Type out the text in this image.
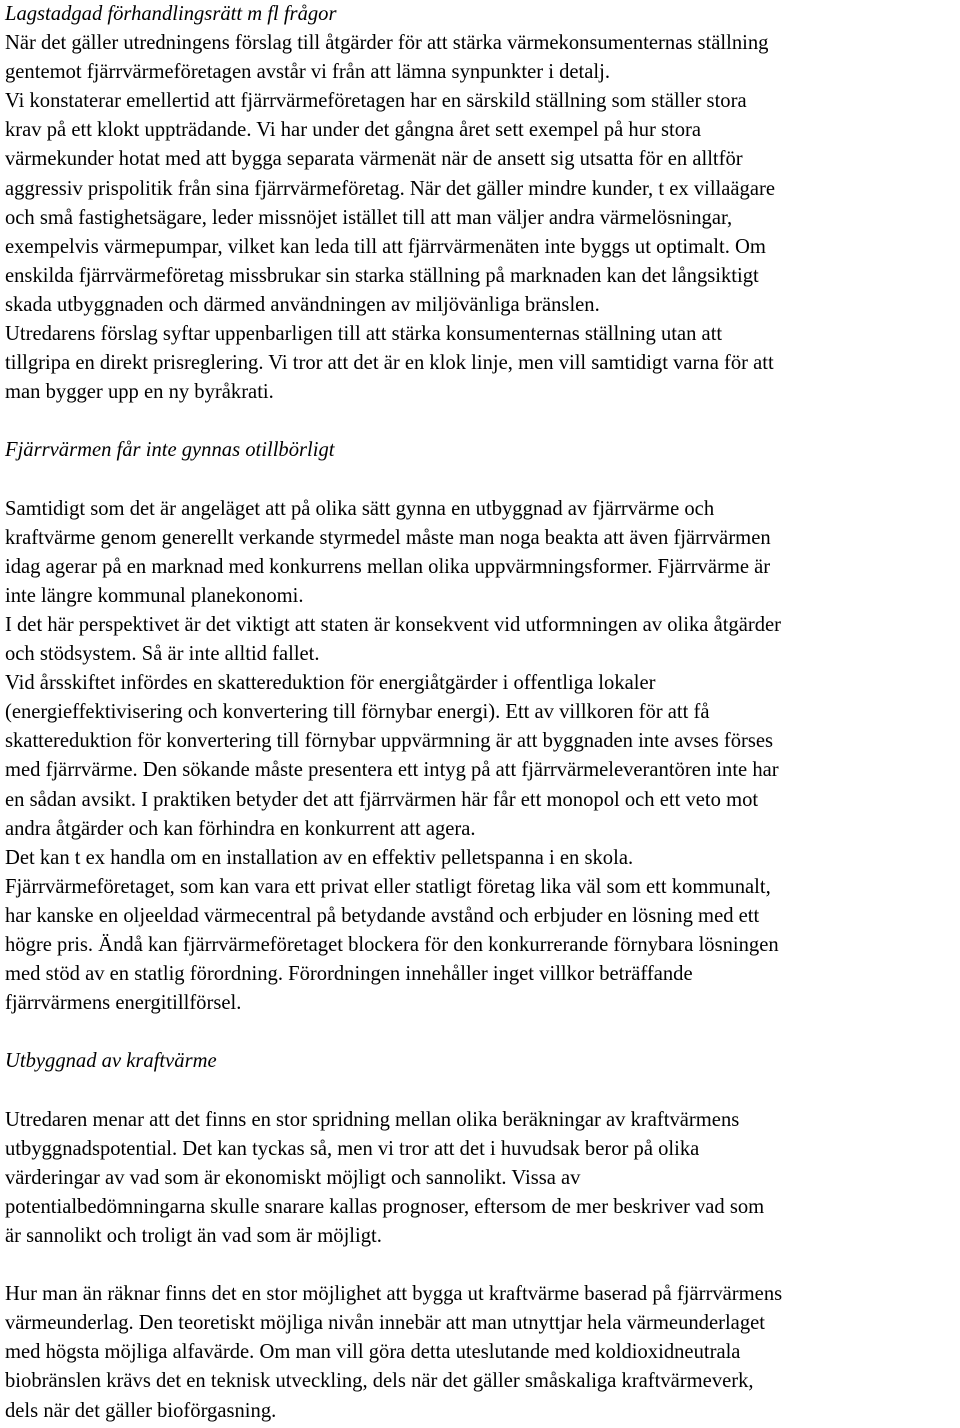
Lagstadgad förhandlingsrätt m fl frågor
När det gäller utredningens förslag till åtgärder för att stärka värmekonsumenternas ställning
gentemot fjärrvärmeföretagen avstår vi från att lämna synpunkter i detalj.
Vi konstaterar emellertid att fjärrvärmeföretagen har en särskild ställning som ställer stora
krav på ett klokt uppträdande. Vi har under det gångna året sett exempel på hur stora
värmekunder hotat med att bygga separata värmenät när de ansett sig utsatta för en alltför
aggressiv prispolitik från sina fjärrvärmeföretag. När det gäller mindre kunder, t ex villaägare
och små fastighetsägare, leder missnöjet istället till att man väljer andra värmelösningar,
exempelvis värmepumpar, vilket kan leda till att fjärrvärmenäten inte byggs ut optimalt. Om
enskilda fjärrvärmeföretag missbrukar sin starka ställning på marknaden kan det långsiktigt
skada utbyggnaden och därmed användningen av miljövänliga bränslen.
Utredarens förslag syftar uppenbarligen till att stärka konsumenternas ställning utan att
tillgripa en direkt prisreglering. Vi tror att det är en klok linje, men vill samtidigt varna för att
man bygger upp en ny byråkrati.
Fjärrvärmen får inte gynnas otillbörligt
Samtidigt som det är angeläget att på olika sätt gynna en utbyggnad av fjärrvärme och
kraftvärme genom generellt verkande styrmedel måste man noga beakta att även fjärrvärmen
idag agerar på en marknad med konkurrens mellan olika uppvärmningsformer. Fjärrvärme är
inte längre kommunal planekonomi.
I det här perspektivet är det viktigt att staten är konsekvent vid utformningen av olika åtgärder
och stödsystem. Så är inte alltid fallet.
Vid årsskiftet infördes en skattereduktion för energiåtgärder i offentliga lokaler
(energieffektivisering och konvertering till förnybar energi). Ett av villkoren för att få
skattereduktion för konvertering till förnybar uppvärmning är att byggnaden inte avses förses
med fjärrvärme. Den sökande måste presentera ett intyg på att fjärrvärmeleverantören inte har
en sådan avsikt. I praktiken betyder det att fjärrvärmen här får ett monopol och ett veto mot
andra åtgärder och kan förhindra en konkurrent att agera.
Det kan t ex handla om en installation av en effektiv pelletspanna i en skola.
Fjärrvärmeföretaget, som kan vara ett privat eller statligt företag lika väl som ett kommunalt,
har kanske en oljeeldad värmecentral på betydande avstånd och erbjuder en lösning med ett
högre pris. Ändå kan fjärrvärmeföretaget blockera för den konkurrerande förnybara lösningen
med stöd av en statlig förordning. Förordningen innehåller inget villkor beträffande
fjärrvärmens energitillförsel.
Utbyggnad av kraftvärme
Utredaren menar att det finns en stor spridning mellan olika beräkningar av kraftvärmens
utbyggnadspotential. Det kan tyckas så, men vi tror att det i huvudsak beror på olika
värderingar av vad som är ekonomiskt möjligt och sannolikt. Vissa av
potentialbedömningarna skulle snarare kallas prognoser, eftersom de mer beskriver vad som
är sannolikt och troligt än vad som är möjligt.
Hur man än räknar finns det en stor möjlighet att bygga ut kraftvärme baserad på fjärrvärmens
värmeunderlag. Den teoretiskt möjliga nivån innebär att man utnyttjar hela värmeunderlaget
med högsta möjliga alfavärde. Om man vill göra detta uteslutande med koldioxidneutrala
biobränslen krävs det en teknisk utveckling, dels när det gäller småskaliga kraftvärmeverk,
dels när det gäller bioförgasning.
